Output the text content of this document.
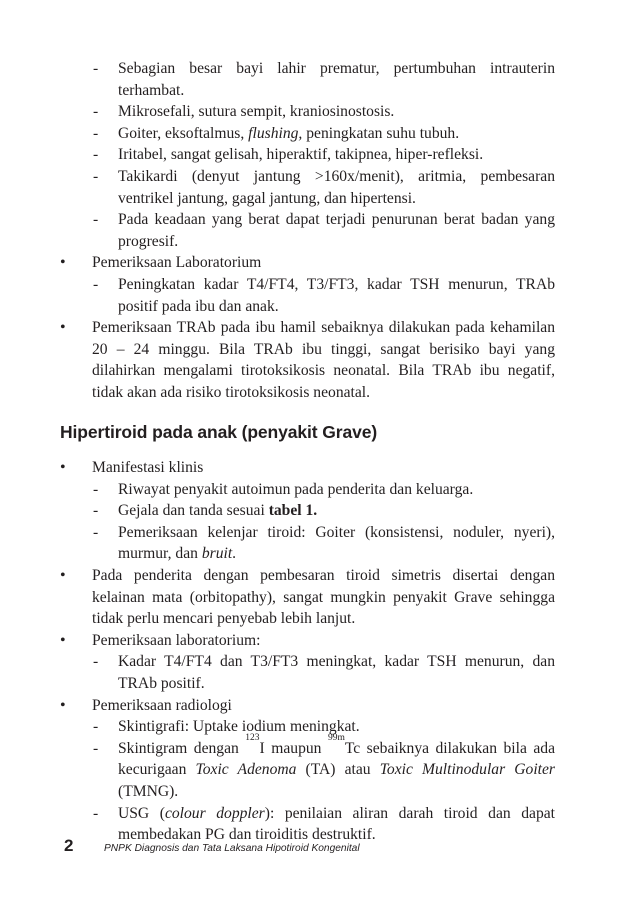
- Sebagian besar bayi lahir prematur, pertumbuhan intrauterin terhambat.
- Mikrosefali, sutura sempit, kraniosinostosis.
- Goiter, eksoftalmus, flushing, peningkatan suhu tubuh.
- Iritabel, sangat gelisah, hiperaktif, takipnea, hiper-refleksi.
- Takikardi (denyut jantung >160x/menit), aritmia, pembesaran ventrikel jantung, gagal jantung, dan hipertensi.
- Pada keadaan yang berat dapat terjadi penurunan berat badan yang progresif.
• Pemeriksaan Laboratorium
- Peningkatan kadar T4/FT4, T3/FT3, kadar TSH menurun, TRAb positif pada ibu dan anak.
• Pemeriksaan TRAb pada ibu hamil sebaiknya dilakukan pada kehamilan 20 – 24 minggu. Bila TRAb ibu tinggi, sangat berisiko bayi yang dilahirkan mengalami tirotoksikosis neonatal. Bila TRAb ibu negatif, tidak akan ada risiko tirotoksikosis neonatal.
Hipertiroid pada anak (penyakit Grave)
• Manifestasi klinis
- Riwayat penyakit autoimun pada penderita dan keluarga.
- Gejala dan tanda sesuai tabel 1.
- Pemeriksaan kelenjar tiroid: Goiter (konsistensi, noduler, nyeri), murmur, dan bruit.
• Pada penderita dengan pembesaran tiroid simetris disertai dengan kelainan mata (orbitopathy), sangat mungkin penyakit Grave sehingga tidak perlu mencari penyebab lebih lanjut.
• Pemeriksaan laboratorium:
- Kadar T4/FT4 dan T3/FT3 meningkat, kadar TSH menurun, dan TRAb positif.
• Pemeriksaan radiologi
- Skintigrafi: Uptake iodium meningkat.
- Skintigram dengan $^{123}$I maupun $^{99m}$Tc sebaiknya dilakukan bila ada kecurigaan Toxic Adenoma (TA) atau Toxic Multinodular Goiter (TMNG).
- USG (colour doppler): penilaian aliran darah tiroid dan dapat membedakan PG dan tiroiditis destruktif.
2	PNPK Diagnosis dan Tata Laksana Hipotiroid Kongenital
